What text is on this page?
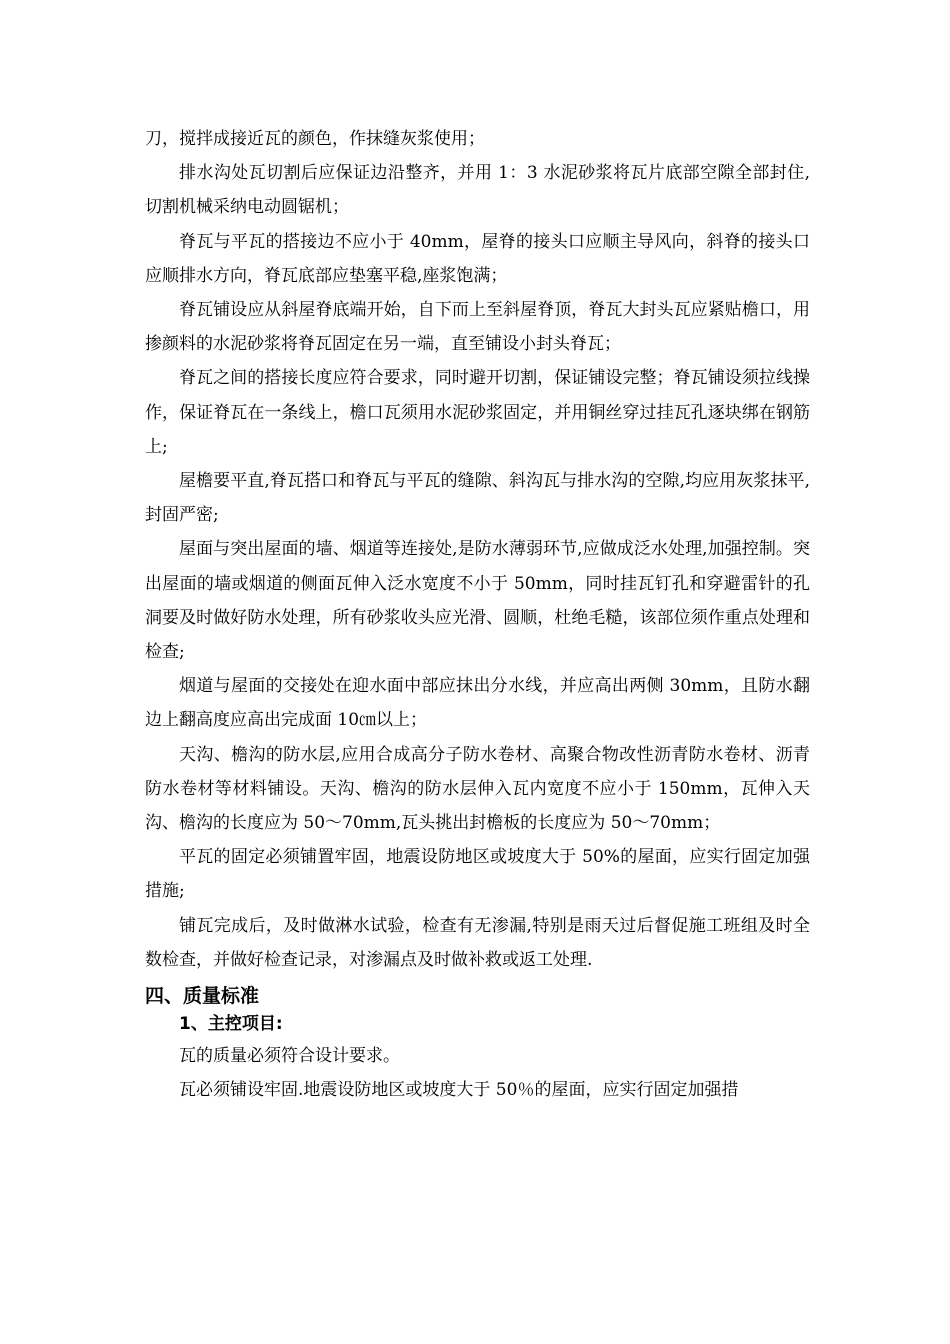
刀，搅拌成接近瓦的颜色，作抹缝灰浆使用；

排水沟处瓦切割后应保证边沿整齐，并用 1：3 水泥砂浆将瓦片底部空隙全部封住,切割机械采纳电动圆锯机；

脊瓦与平瓦的搭接边不应小于 40mm，屋脊的接头口应顺主导风向，斜脊的接头口应顺排水方向，脊瓦底部应垫塞平稳,座浆饱满；

脊瓦铺设应从斜屋脊底端开始，自下而上至斜屋脊顶，脊瓦大封头瓦应紧贴檐口，用掺颜料的水泥砂浆将脊瓦固定在另一端，直至铺设小封头脊瓦；

脊瓦之间的搭接长度应符合要求，同时避开切割，保证铺设完整；脊瓦铺设须拉线操作，保证脊瓦在一条线上，檐口瓦须用水泥砂浆固定，并用铜丝穿过挂瓦孔逐块绑在钢筋上;

屋檐要平直,脊瓦搭口和脊瓦与平瓦的缝隙、斜沟瓦与排水沟的空隙,均应用灰浆抹平,封固严密;

屋面与突出屋面的墙、烟道等连接处,是防水薄弱环节,应做成泛水处理,加强控制。突出屋面的墙或烟道的侧面瓦伸入泛水宽度不小于 50mm，同时挂瓦钉孔和穿避雷针的孔洞要及时做好防水处理，所有砂浆收头应光滑、圆顺，杜绝毛糙，该部位须作重点处理和检查;

烟道与屋面的交接处在迎水面中部应抹出分水线，并应高出两侧 30mm，且防水翻边上翻高度应高出完成面 10㎝以上；

天沟、檐沟的防水层,应用合成高分子防水卷材、高聚合物改性沥青防水卷材、沥青防水卷材等材料铺设。天沟、檐沟的防水层伸入瓦内宽度不应小于 150mm，瓦伸入天沟、檐沟的长度应为 50～70mm,瓦头挑出封檐板的长度应为 50～70mm；

平瓦的固定必须铺置牢固，地震设防地区或坡度大于 50%的屋面，应实行固定加强措施;

铺瓦完成后，及时做淋水试验，检查有无渗漏,特别是雨天过后督促施工班组及时全数检查，并做好检查记录，对渗漏点及时做补救或返工处理.

四、质量标准
1、主控项目:

瓦的质量必须符合设计要求。

瓦必须铺设牢固.地震设防地区或坡度大于 50％的屋面，应实行固定加强措
